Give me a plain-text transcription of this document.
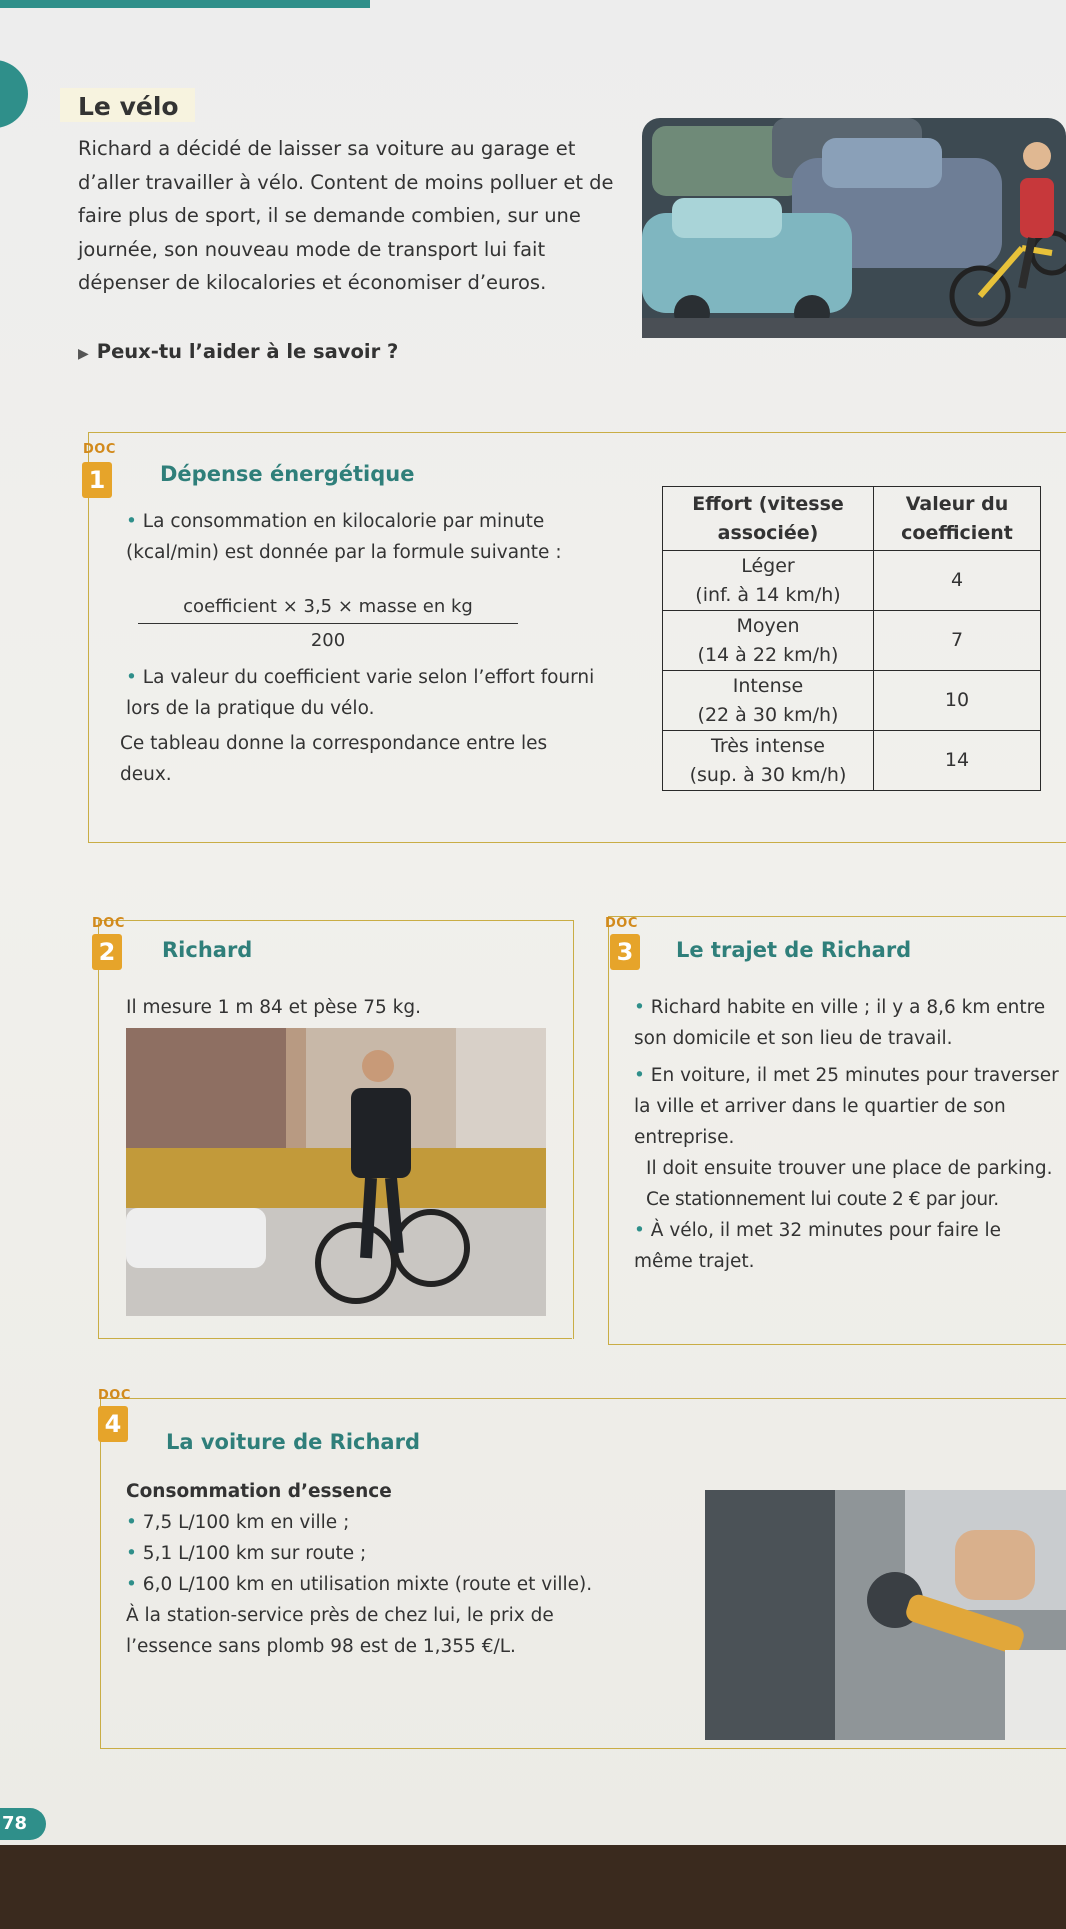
Le vélo
Richard a décidé de laisser sa voiture au garage et d’aller travailler à vélo. Content de moins polluer et de faire plus de sport, il se demande combien, sur une journée, son nouveau mode de transport lui fait dépenser de kilocalories et économiser d’euros.
▶ Peux-tu l’aider à le savoir ?
DOC
1	Dépense énergétique

• La consommation en kilocalorie par minute (kcal/min) est donnée par la formule suivante :

coefficient × 3,5 × masse en kg
200

• La valeur du coefficient varie selon l’effort fourni lors de la pratique du vélo.

Ce tableau donne la correspondance entre les deux.
Effort (vitesse associée)	Valeur du coefficient
Léger
(inf. à 14 km/h)	4
Moyen
(14 à 22 km/h)	7
Intense
(22 à 30 km/h)	10
Très intense
(sup. à 30 km/h)	14
DOC
2	Richard
Il mesure 1 m 84 et pèse 75 kg.
DOC
3	Le trajet de Richard

• Richard habite en ville ; il y a 8,6 km entre son domicile et son lieu de travail.

• En voiture, il met 25 minutes pour traverser la ville et arriver dans le quartier de son entreprise.

Il doit ensuite trouver une place de parking.

Ce stationnement lui coute 2 € par jour.

• À vélo, il met 32 minutes pour faire le même trajet.

DOC
4
La voiture de Richard

Consommation d’essence

• 7,5 L/100 km en ville ;

• 5,1 L/100 km sur route ;

• 6,0 L/100 km en utilisation mixte (route et ville).

À la station-service près de chez lui, le prix de l’essence sans plomb 98 est de 1,355 €/L.

78
